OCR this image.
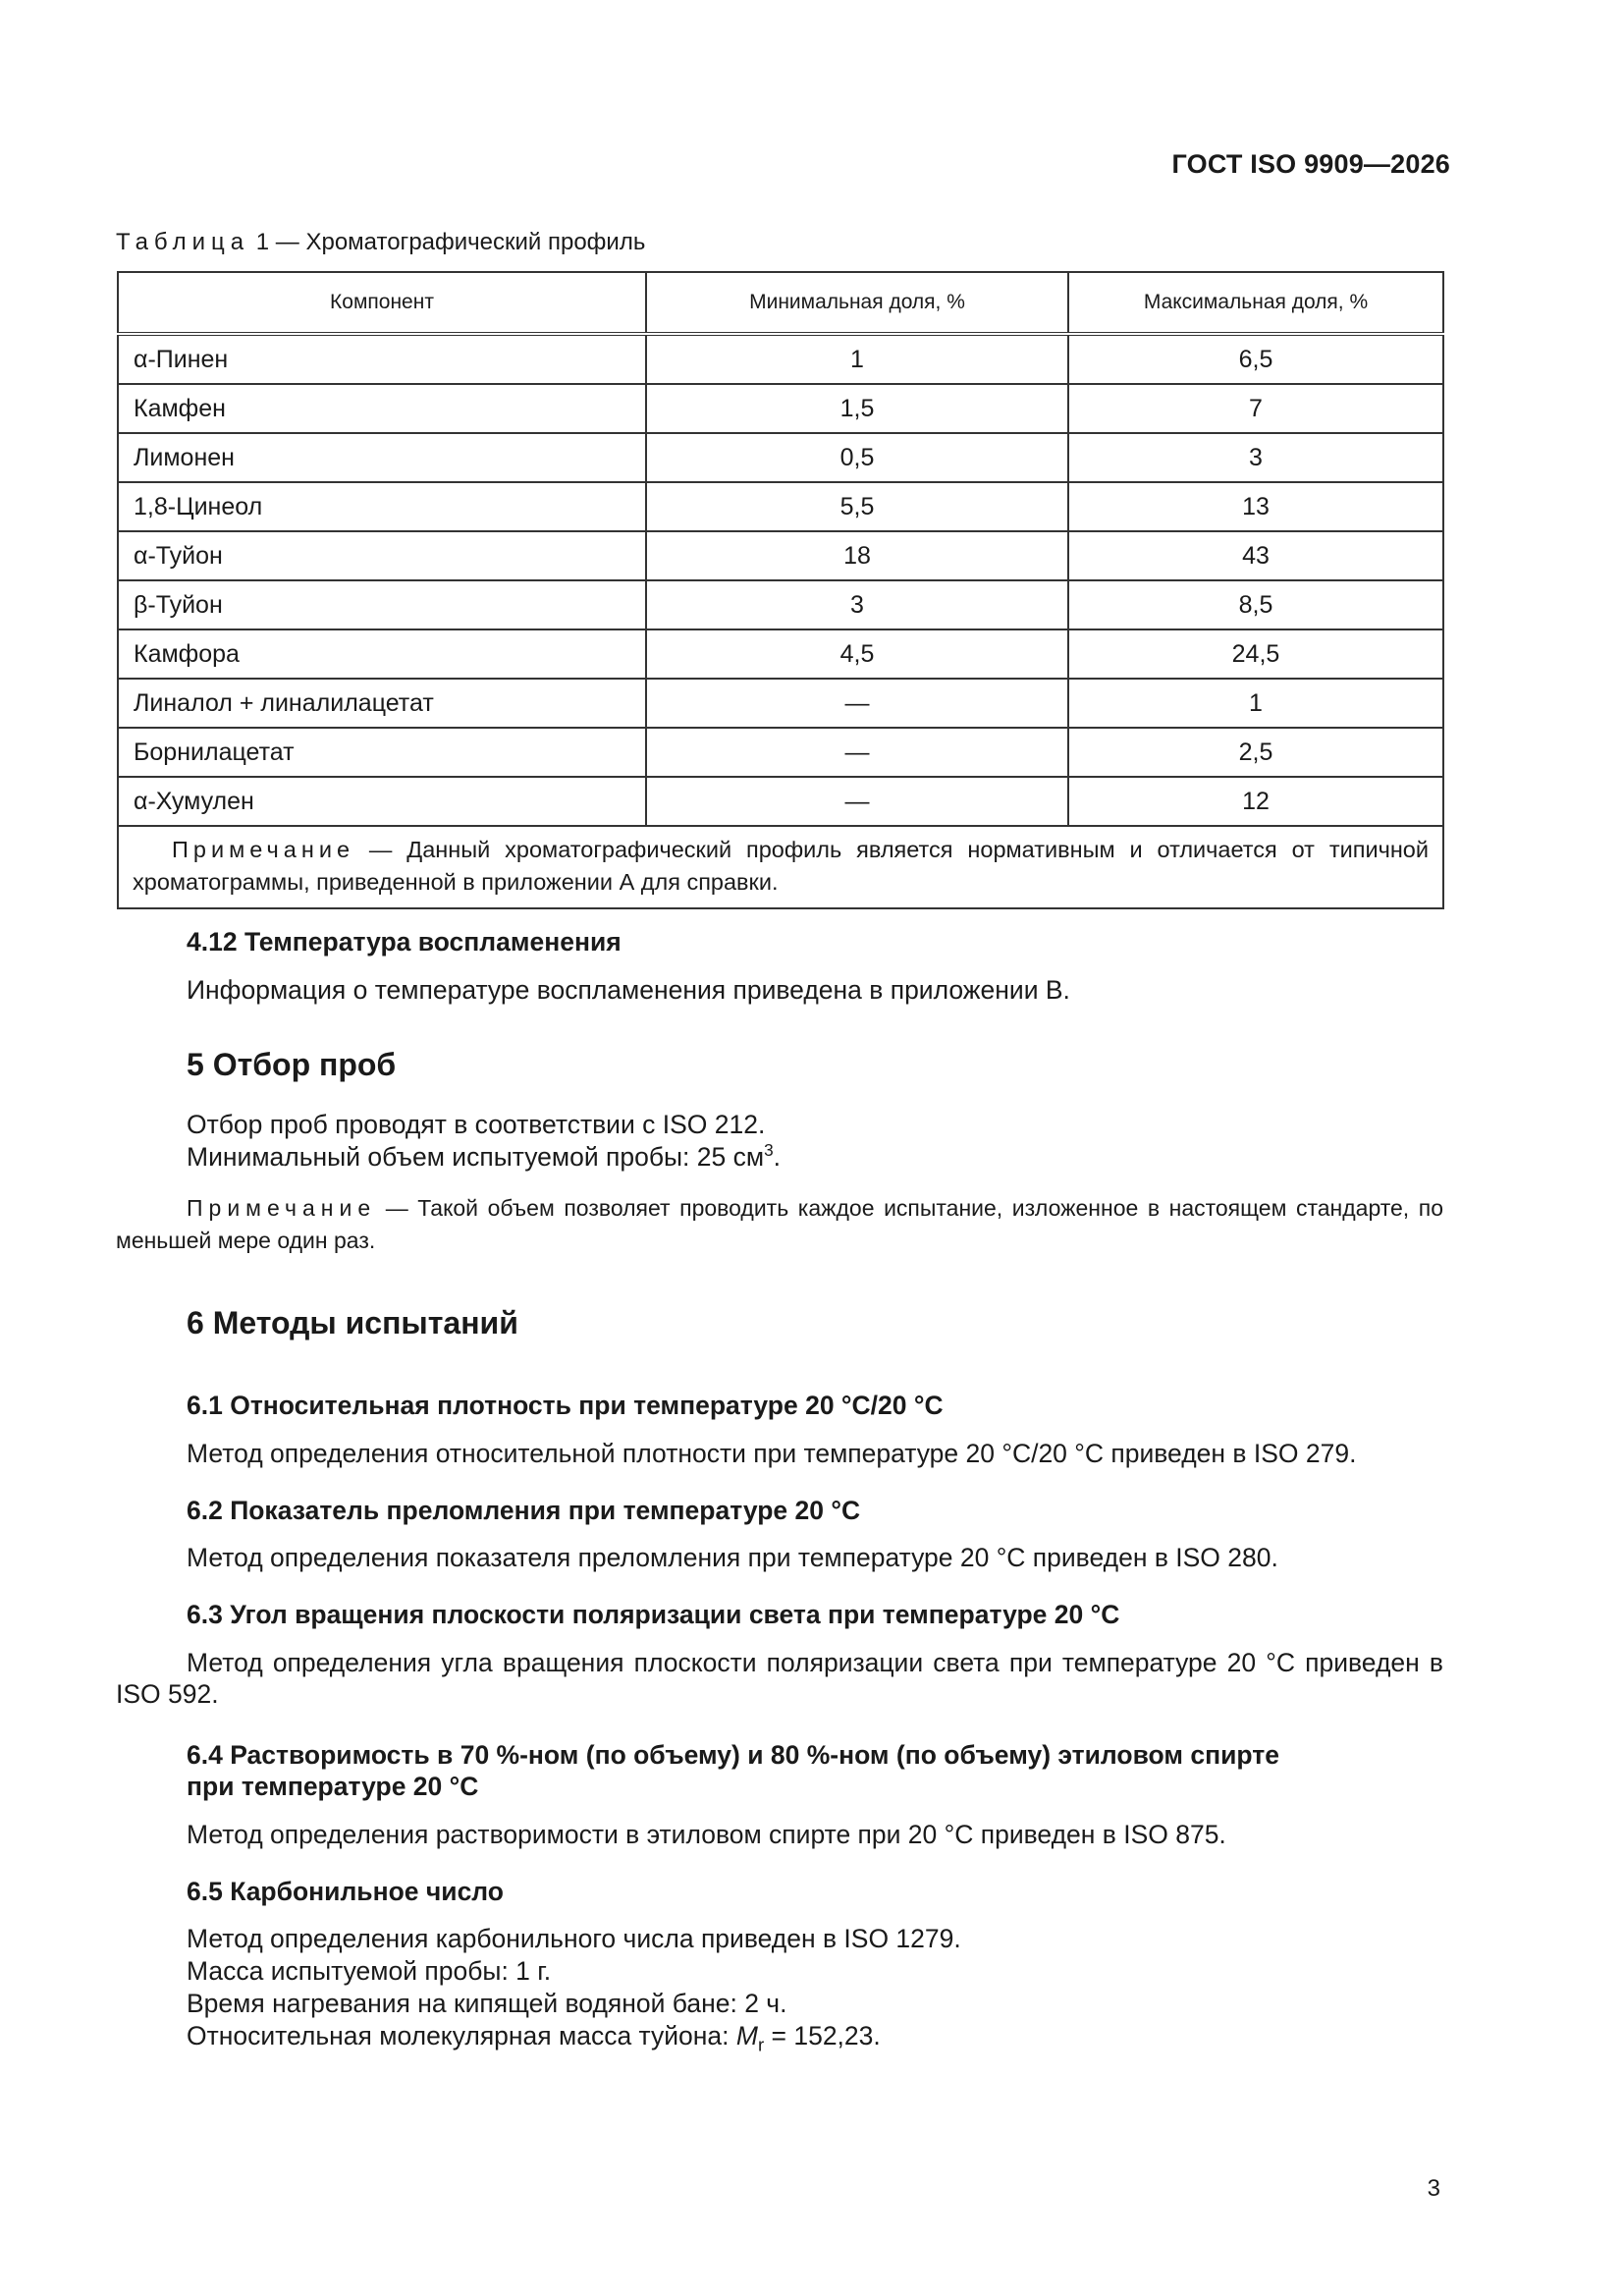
ГОСТ ISO 9909—2026
Таблица 1 — Хроматографический профиль
Компонент	Минимальная доля, %	Максимальная доля, %
α-Пинен	1	6,5
Камфен	1,5	7
Лимонен	0,5	3
1,8-Цинеол	5,5	13
α-Туйон	18	43
β-Туйон	3	8,5
Камфора	4,5	24,5
Линалол + линалилацетат	—	1
Борнилацетат	—	2,5
α-Хумулен	—	12
Примечание — Данный хроматографический профиль является нормативным и отличается от типичной хроматограммы, приведенной в приложении А для справки.		
4.12 Температура воспламенения
Информация о температуре воспламенения приведена в приложении В.
5 Отбор проб
Отбор проб проводят в соответствии с ISO 212.
Минимальный объем испытуемой пробы: 25 $см^3$.
Примечание — Такой объем позволяет проводить каждое испытание, изложенное в настоящем стандарте, по меньшей мере один раз.
6 Методы испытаний
6.1 Относительная плотность при температуре 20 °С/20 °С
Метод определения относительной плотности при температуре 20 °С/20 °С приведен в ISO 279.
6.2 Показатель преломления при температуре 20 °С
Метод определения показателя преломления при температуре 20 °С приведен в ISO 280.
6.3 Угол вращения плоскости поляризации света при температуре 20 °С
Метод определения угла вращения плоскости поляризации света при температуре 20 °С приведен в ISO 592.
6.4 Растворимость в 70 %-ном (по объему) и 80 %-ном (по объему) этиловом спирте
при температуре 20 °С
Метод определения растворимости в этиловом спирте при 20 °С приведен в ISO 875.
6.5 Карбонильное число
Метод определения карбонильного числа приведен в ISO 1279.
Масса испытуемой пробы: 1 г.
Время нагревания на кипящей водяной бане: 2 ч.
Относительная молекулярная масса туйона: $M_r = 152,23$.
3
